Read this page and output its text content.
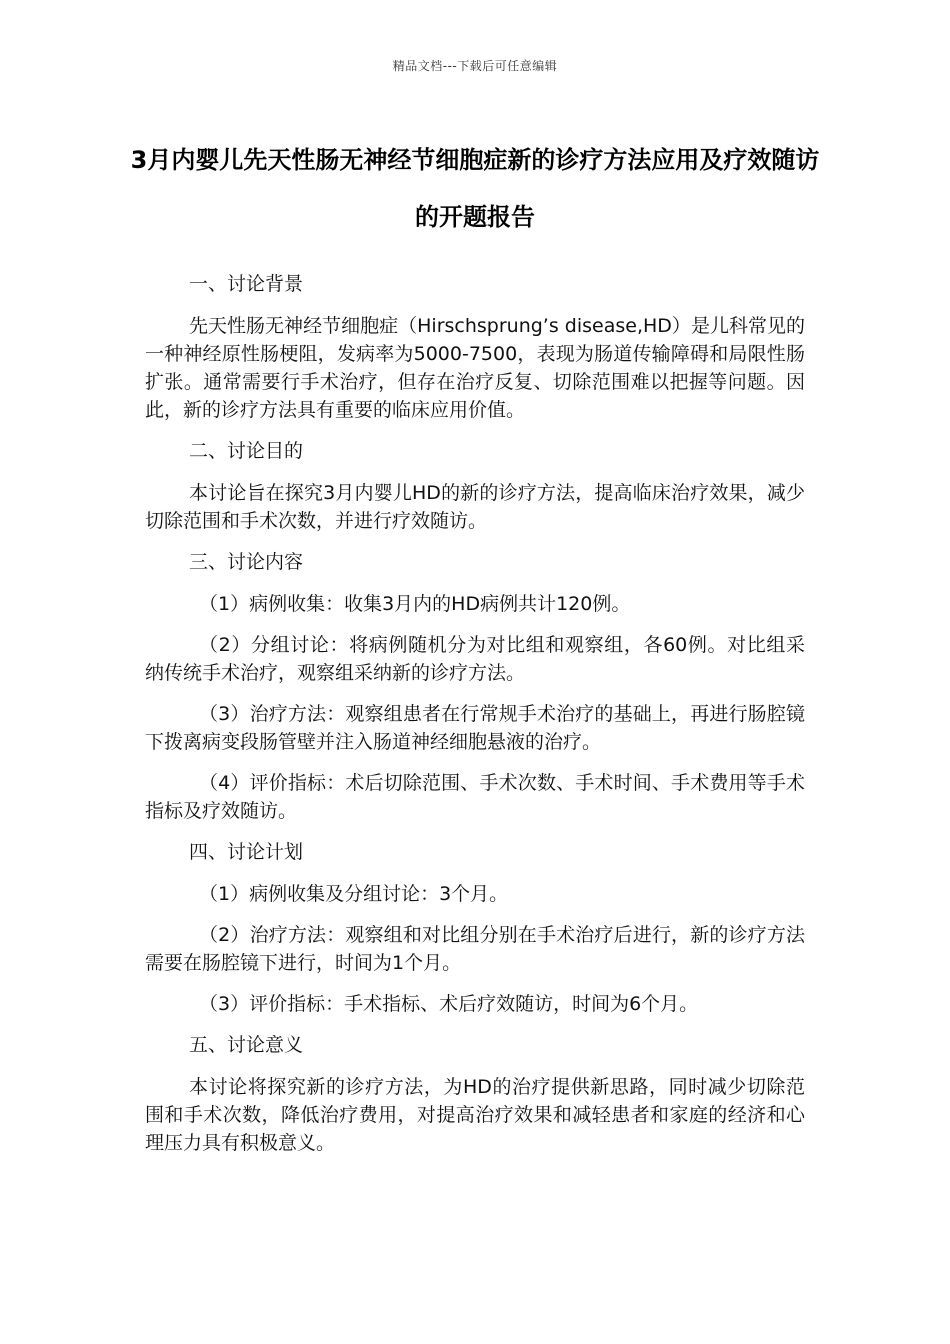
精品文档---下载后可任意编辑
3月内婴儿先天性肠无神经节细胞症新的诊疗方法应用及疗效随访的开题报告

一、讨论背景

先天性肠无神经节细胞症（Hirschsprung’s disease,HD）是儿科常见的一种神经原性肠梗阻，发病率为5000-7500，表现为肠道传输障碍和局限性肠扩张。通常需要行手术治疗，但存在治疗反复、切除范围难以把握等问题。因此，新的诊疗方法具有重要的临床应用价值。

二、讨论目的

本讨论旨在探究3月内婴儿HD的新的诊疗方法，提高临床治疗效果，减少切除范围和手术次数，并进行疗效随访。

三、讨论内容

（1）病例收集：收集3月内的HD病例共计120例。

（2）分组讨论：将病例随机分为对比组和观察组，各60例。对比组采纳传统手术治疗，观察组采纳新的诊疗方法。

（3）治疗方法：观察组患者在行常规手术治疗的基础上，再进行肠腔镜下拨离病变段肠管壁并注入肠道神经细胞悬液的治疗。

（4）评价指标：术后切除范围、手术次数、手术时间、手术费用等手术指标及疗效随访。

四、讨论计划

（1）病例收集及分组讨论：3个月。

（2）治疗方法：观察组和对比组分别在手术治疗后进行，新的诊疗方法需要在肠腔镜下进行，时间为1个月。

（3）评价指标：手术指标、术后疗效随访，时间为6个月。

五、讨论意义

本讨论将探究新的诊疗方法，为HD的治疗提供新思路，同时减少切除范围和手术次数，降低治疗费用，对提高治疗效果和减轻患者和家庭的经济和心理压力具有积极意义。
